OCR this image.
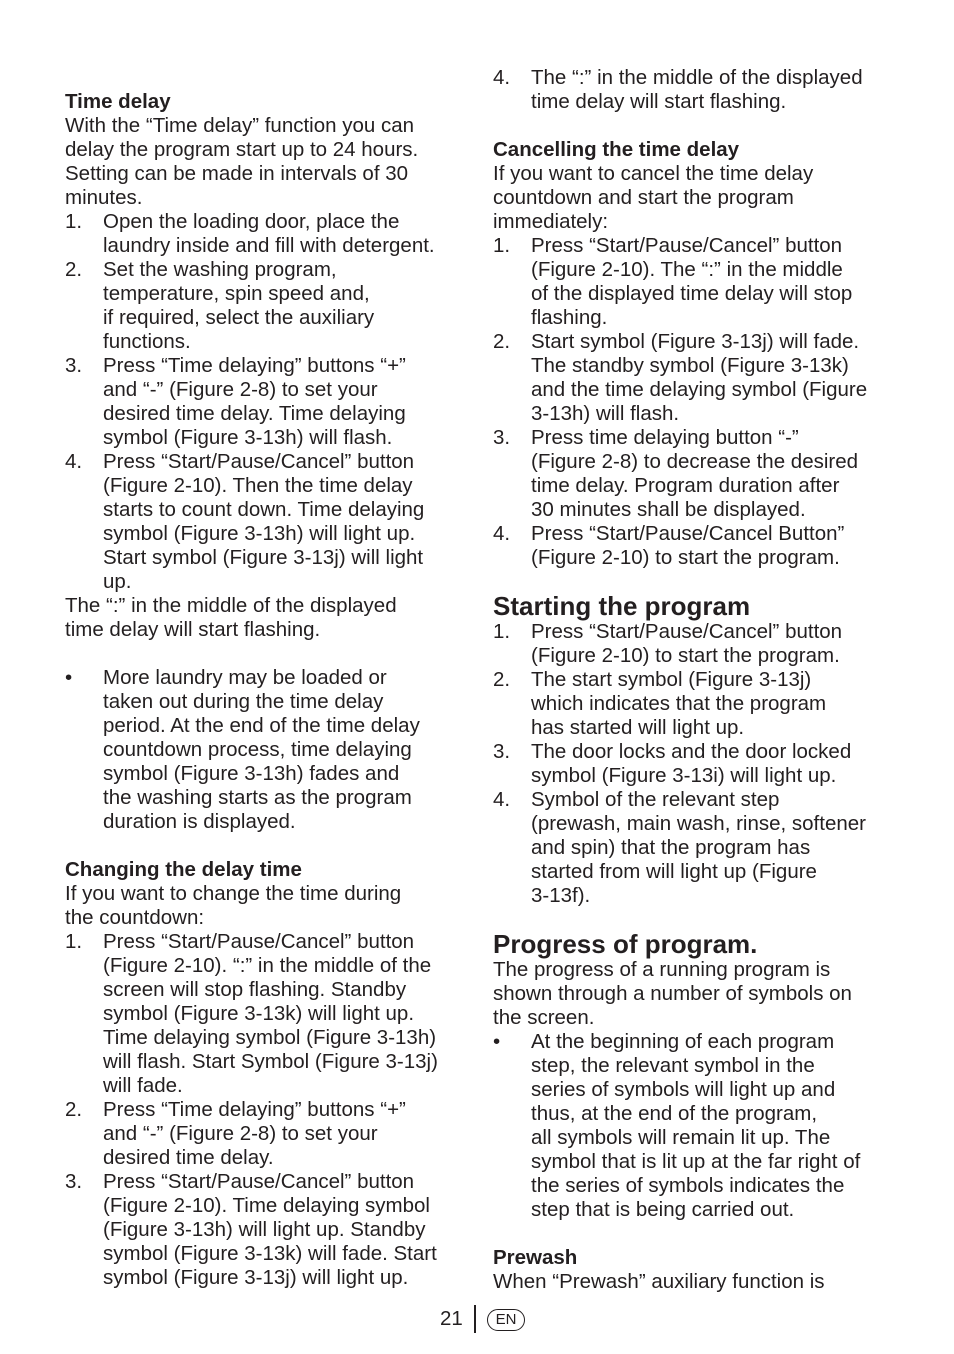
Time delay

With the “Time delay” function you can
delay the program start up to 24 hours.
Setting can be made in intervals of 30
minutes.

1. Open the loading door, place the
laundry inside and fill with detergent.
2. Set the washing program,
temperature, spin speed and,
if required, select the auxiliary
functions.
3. Press “Time delaying” buttons “+”
and “-” (Figure 2-8) to set your
desired time delay. Time delaying
symbol (Figure 3-13h) will flash.
4. Press “Start/Pause/Cancel” button
(Figure 2-10). Then the time delay
starts to count down. Time delaying
symbol (Figure 3-13h) will light up.
Start symbol (Figure 3-13j) will light
up.

The “:” in the middle of the displayed
time delay will start flashing.

• More laundry may be loaded or
taken out during the time delay
period. At the end of the time delay
countdown process, time delaying
symbol (Figure 3-13h) fades and
the washing starts as the program
duration is displayed.

Changing the delay time

If you want to change the time during
the countdown:

1. Press “Start/Pause/Cancel” button
(Figure 2-10). “:” in the middle of the
screen will stop flashing. Standby
symbol (Figure 3-13k) will light up.
Time delaying symbol (Figure 3-13h)
will flash. Start Symbol (Figure 3-13j)
will fade.
2. Press “Time delaying” buttons “+”
and “-” (Figure 2-8) to set your
desired time delay.
3. Press “Start/Pause/Cancel” button
(Figure 2-10). Time delaying symbol
(Figure 3-13h) will light up. Standby
symbol (Figure 3-13k) will fade. Start
symbol (Figure 3-13j) will light up.
4. The “:” in the middle of the displayed
time delay will start flashing.

Cancelling the time delay

If you want to cancel the time delay
countdown and start the program
immediately:

1. Press “Start/Pause/Cancel” button
(Figure 2-10). The “:” in the middle
of the displayed time delay will stop
flashing.
2. Start symbol (Figure 3-13j) will fade.
The standby symbol (Figure 3-13k)
and the time delaying symbol (Figure
3-13h) will flash.
3. Press time delaying button “-”
(Figure 2-8) to decrease the desired
time delay. Program duration after
30 minutes shall be displayed.
4. Press “Start/Pause/Cancel Button”
(Figure 2-10) to start the program.

Starting the program

1. Press “Start/Pause/Cancel” button
(Figure 2-10) to start the program.
2. The start symbol (Figure 3-13j)
which indicates that the program
has started will light up.
3. The door locks and the door locked
symbol (Figure 3-13i) will light up.
4. Symbol of the relevant step
(prewash, main wash, rinse, softener
and spin) that the program has
started from will light up (Figure
3-13f).

Progress of program.

The progress of a running program is
shown through a number of symbols on
the screen.

• At the beginning of each program
step, the relevant symbol in the
series of symbols will light up and
thus, at the end of the program,
all symbols will remain lit up. The
symbol that is lit up at the far right of
the series of symbols indicates the
step that is being carried out.

Prewash

When “Prewash” auxiliary function is

21	EN
